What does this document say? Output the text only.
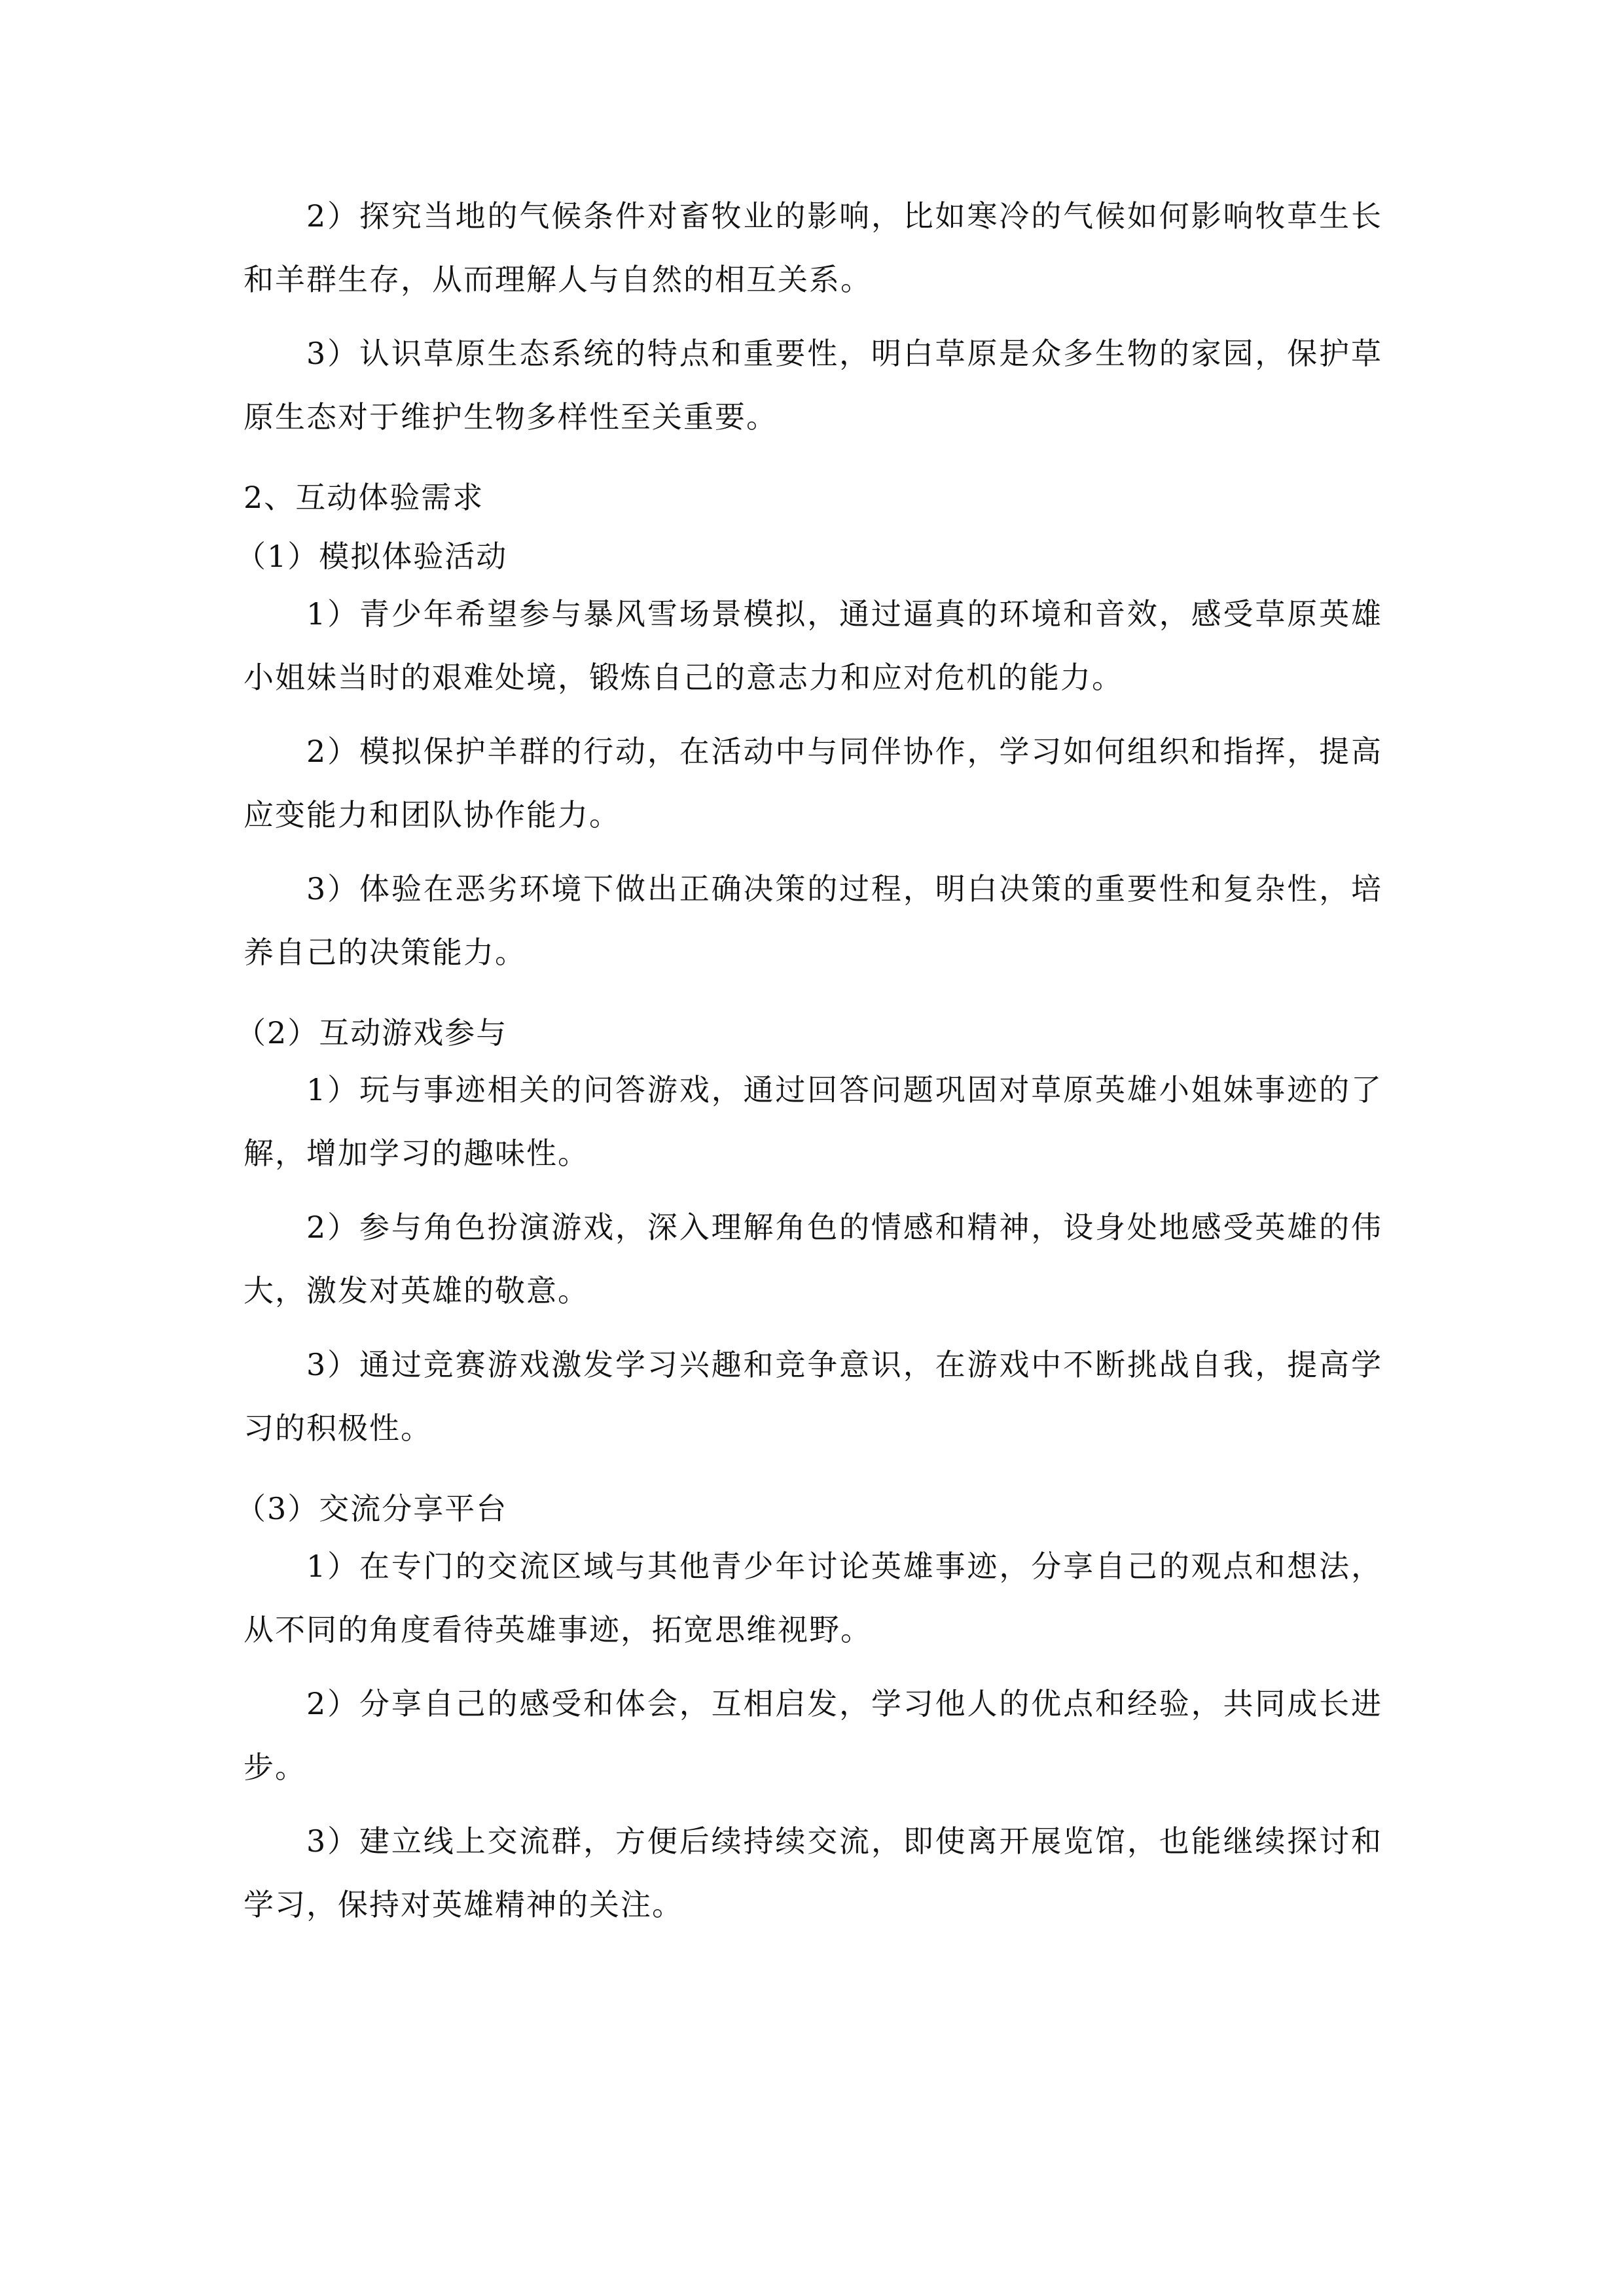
2）探究当地的气候条件对畜牧业的影响，比如寒冷的气候如何影响牧草生长和羊群生存，从而理解人与自然的相互关系。

3）认识草原生态系统的特点和重要性，明白草原是众多生物的家园，保护草原生态对于维护生物多样性至关重要。

2、互动体验需求
（1）模拟体验活动

1）青少年希望参与暴风雪场景模拟，通过逼真的环境和音效，感受草原英雄小姐妹当时的艰难处境，锻炼自己的意志力和应对危机的能力。

2）模拟保护羊群的行动，在活动中与同伴协作，学习如何组织和指挥，提高应变能力和团队协作能力。

3）体验在恶劣环境下做出正确决策的过程，明白决策的重要性和复杂性，培养自己的决策能力。

（2）互动游戏参与

1）玩与事迹相关的问答游戏，通过回答问题巩固对草原英雄小姐妹事迹的了解，增加学习的趣味性。

2）参与角色扮演游戏，深入理解角色的情感和精神，设身处地感受英雄的伟大，激发对英雄的敬意。

3）通过竞赛游戏激发学习兴趣和竞争意识，在游戏中不断挑战自我，提高学习的积极性。

（3）交流分享平台

1）在专门的交流区域与其他青少年讨论英雄事迹，分享自己的观点和想法，从不同的角度看待英雄事迹，拓宽思维视野。

2）分享自己的感受和体会，互相启发，学习他人的优点和经验，共同成长进步。

3）建立线上交流群，方便后续持续交流，即使离开展览馆，也能继续探讨和学习，保持对英雄精神的关注。
